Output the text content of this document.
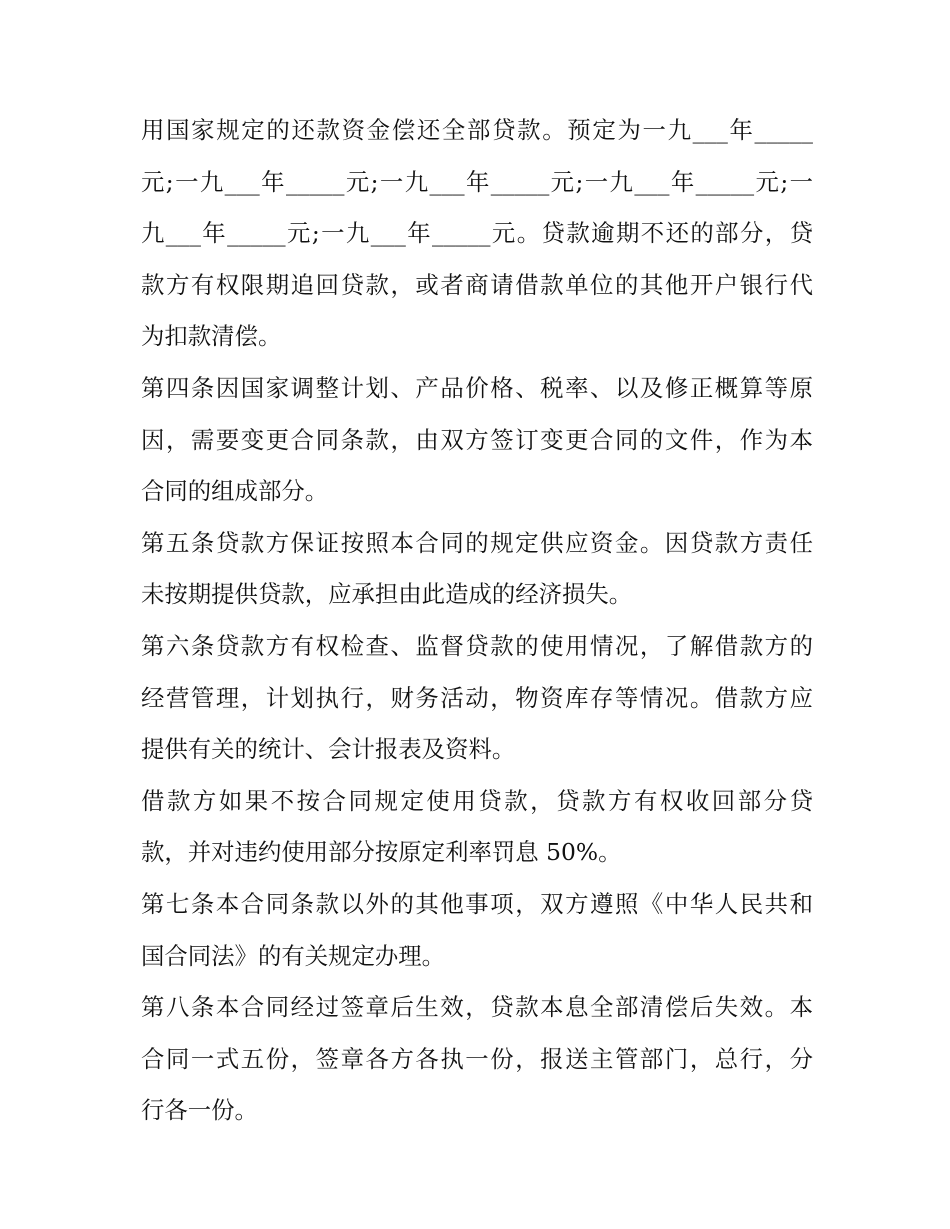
用国家规定的还款资金偿还全部贷款。预定为一九___年_____
元;一九___年_____元;一九___年_____元;一九___年_____元;一
九___年_____元;一九___年_____元。贷款逾期不还的部分，贷
款方有权限期追回贷款，或者商请借款单位的其他开户银行代
为扣款清偿。
第四条因国家调整计划、产品价格、税率、以及修正概算等原
因，需要变更合同条款，由双方签订变更合同的文件，作为本
合同的组成部分。
第五条贷款方保证按照本合同的规定供应资金。因贷款方责任
未按期提供贷款，应承担由此造成的经济损失。
第六条贷款方有权检查、监督贷款的使用情况，了解借款方的
经营管理，计划执行，财务活动，物资库存等情况。借款方应
提供有关的统计、会计报表及资料。
借款方如果不按合同规定使用贷款，贷款方有权收回部分贷
款，并对违约使用部分按原定利率罚息 50%。
第七条本合同条款以外的其他事项，双方遵照《中华人民共和
国合同法》的有关规定办理。
第八条本合同经过签章后生效，贷款本息全部清偿后失效。本
合同一式五份，签章各方各执一份，报送主管部门，总行，分
行各一份。
